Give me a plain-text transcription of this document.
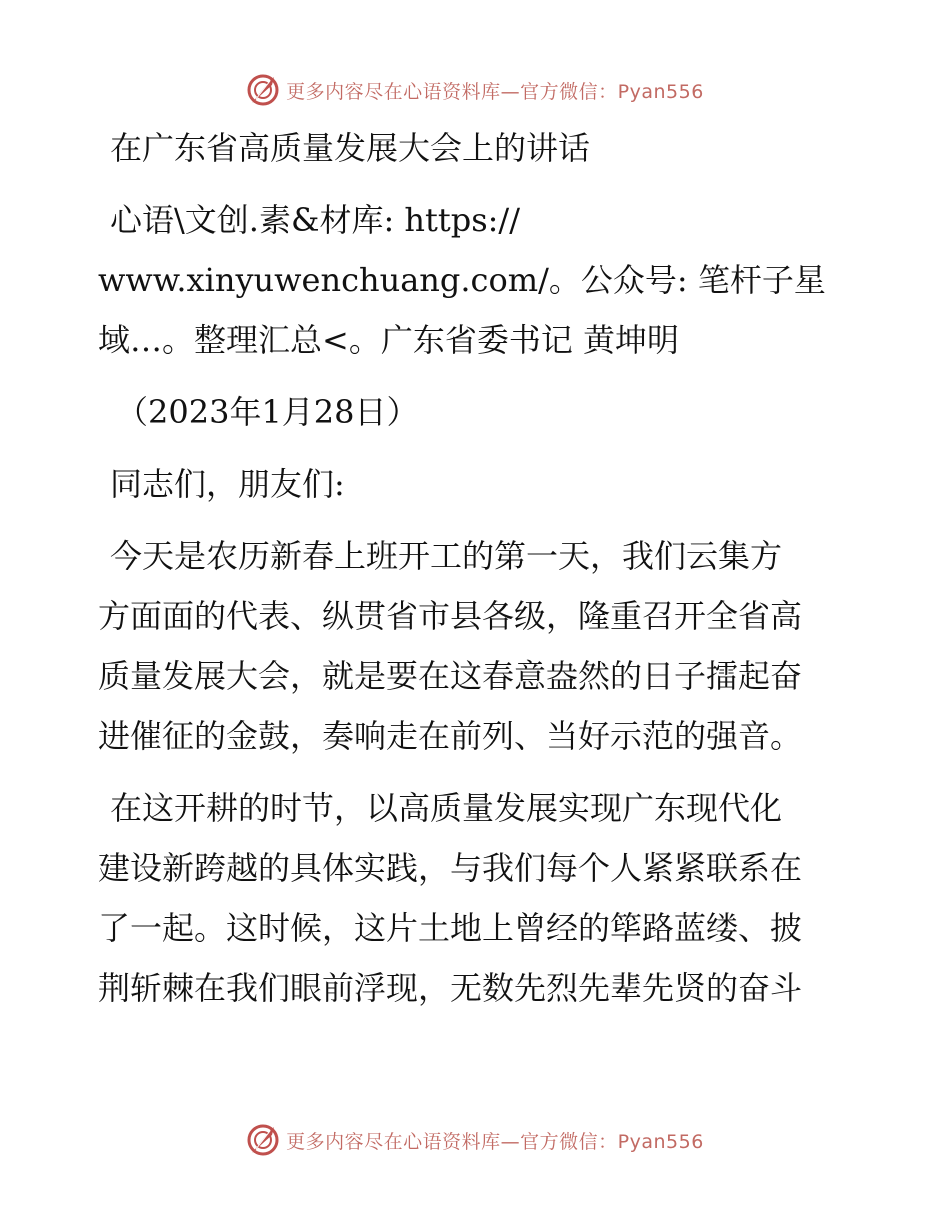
更多内容尽在心语资料库—官方微信：Pyan556
在广东省高质量发展大会上的讲话
心语\文创.素&材库: https://
www.xinyuwenchuang.com/。公众号: 笔杆子星
域…。整理汇总<。广东省委书记 黄坤明
（2023年1月28日）
同志们，朋友们:
今天是农历新春上班开工的第一天，我们云集方
方面面的代表、纵贯省市县各级，隆重召开全省高
质量发展大会，就是要在这春意盎然的日子擂起奋
进催征的金鼓，奏响走在前列、当好示范的强音。
在这开耕的时节，以高质量发展实现广东现代化
建设新跨越的具体实践，与我们每个人紧紧联系在
了一起。这时候，这片土地上曾经的筚路蓝缕、披
荆斩棘在我们眼前浮现，无数先烈先辈先贤的奋斗
更多内容尽在心语资料库—官方微信：Pyan556
